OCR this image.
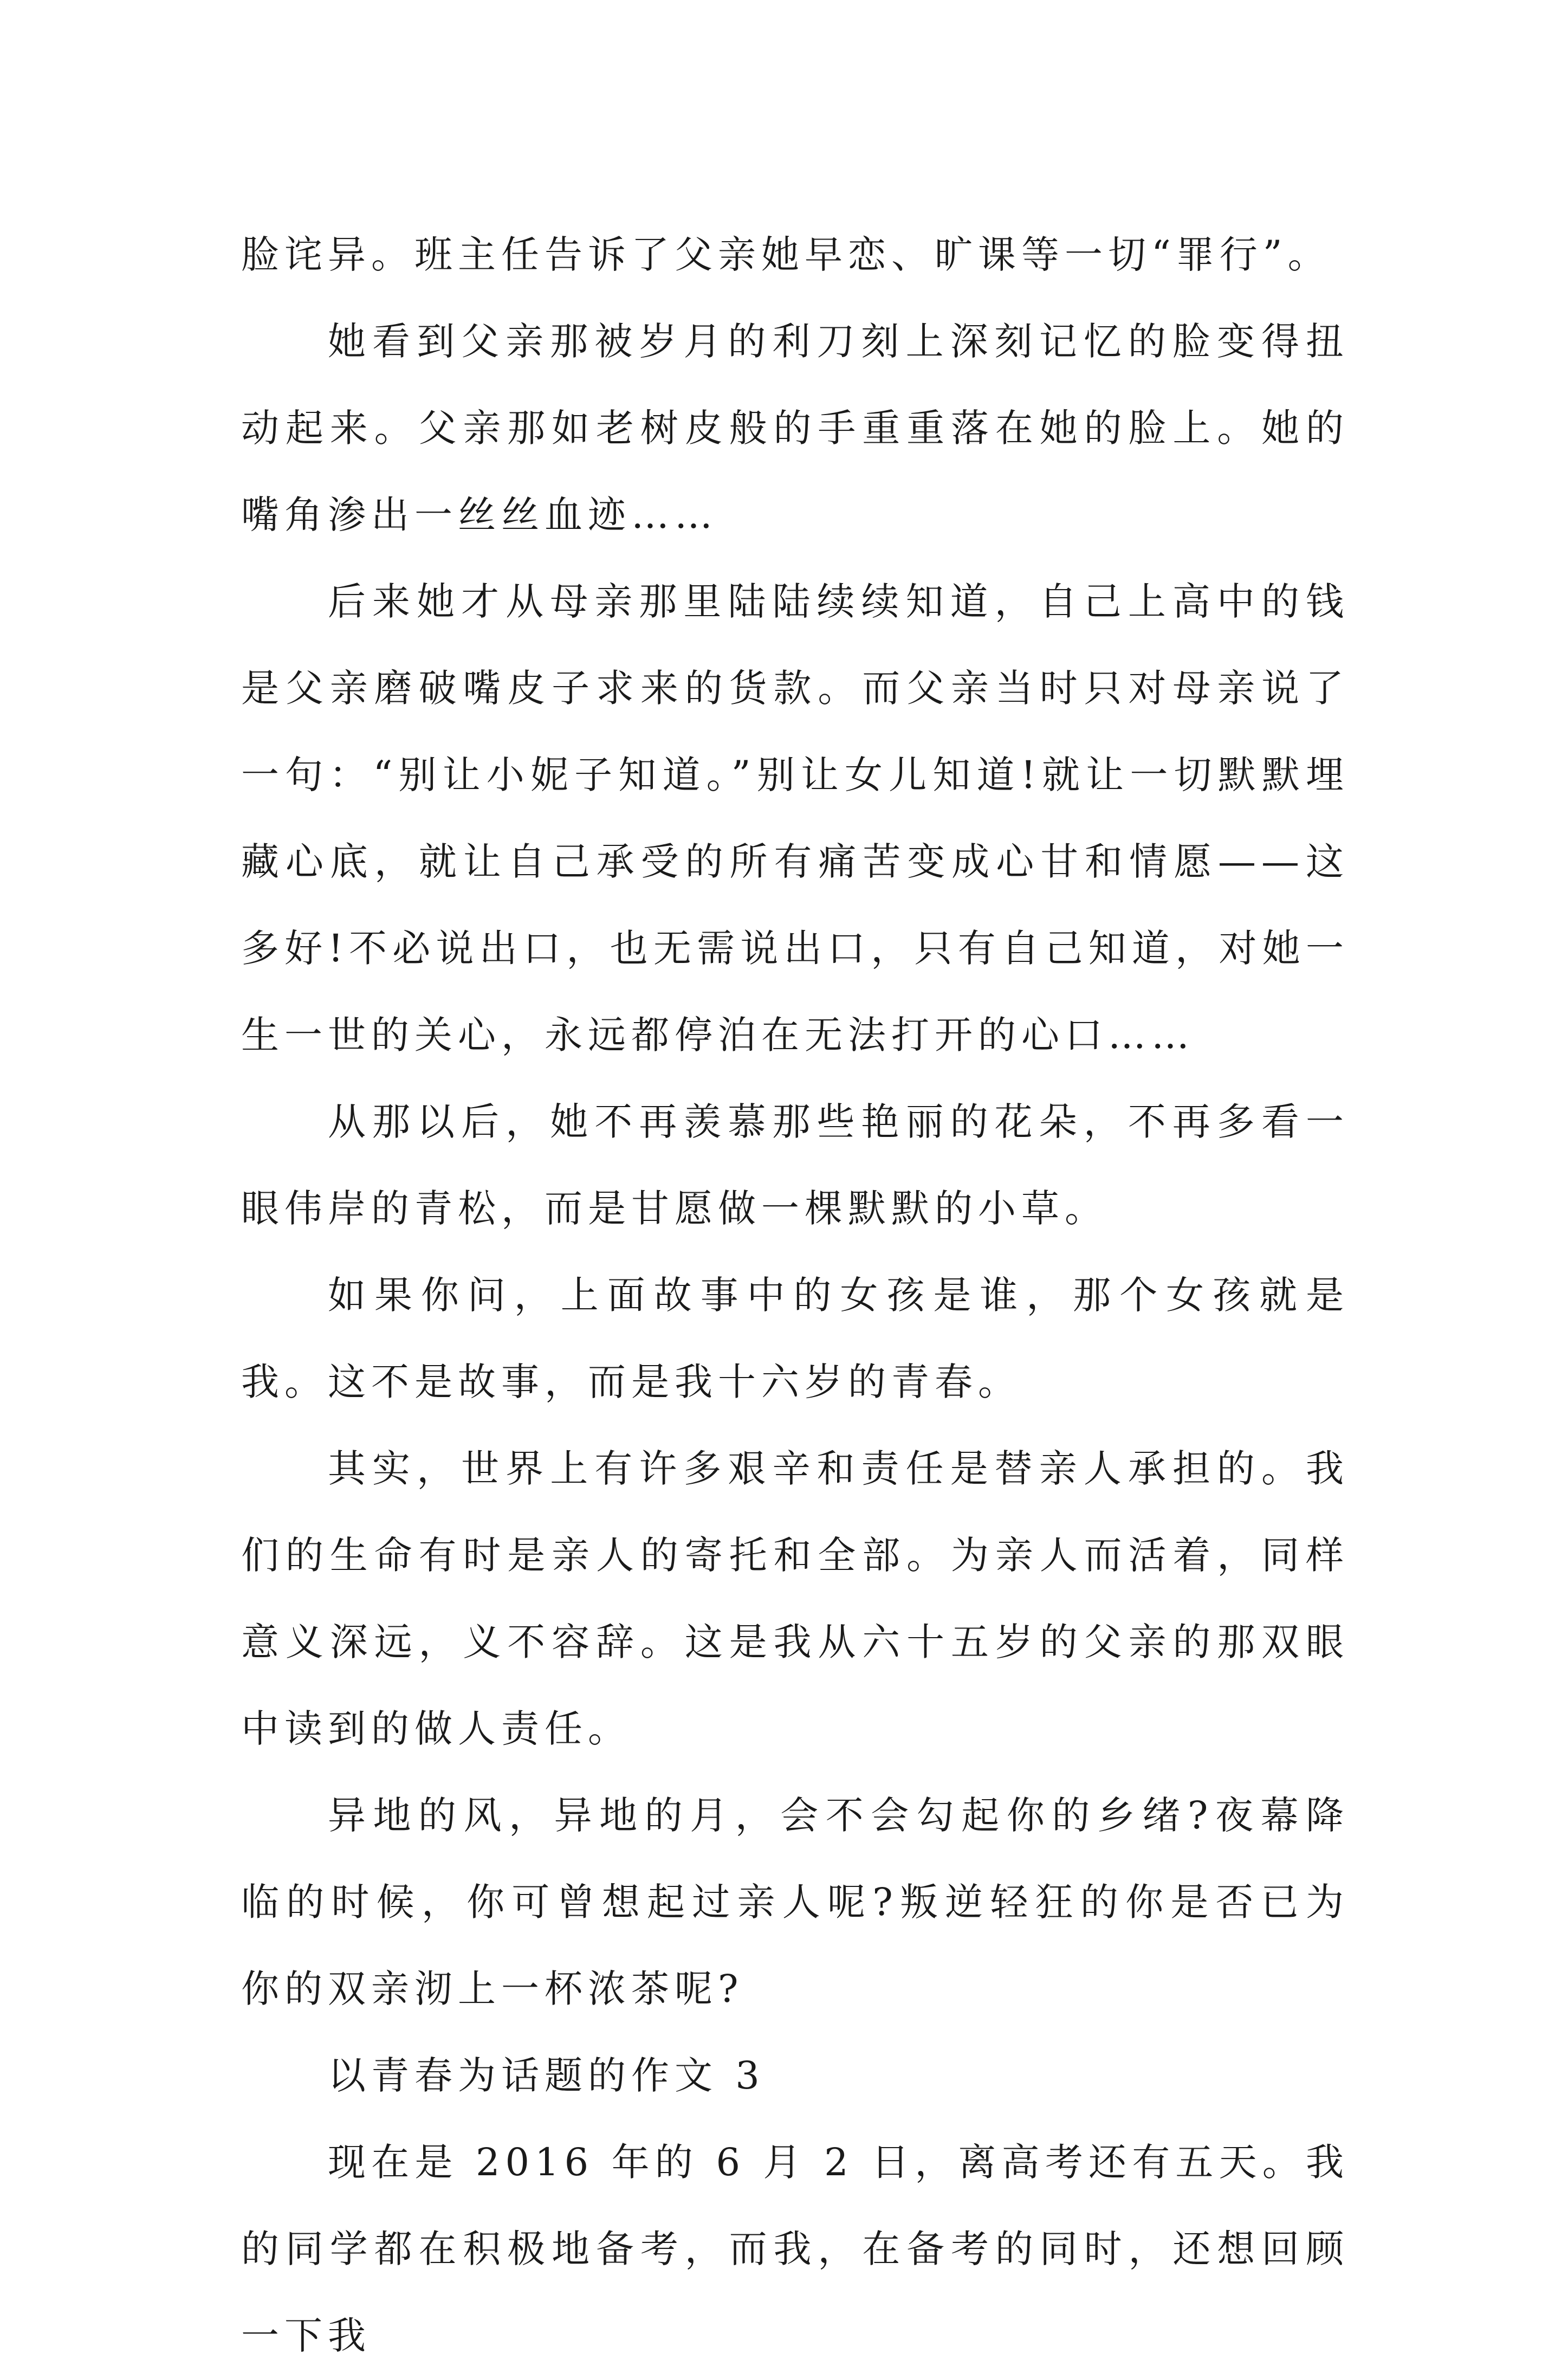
脸诧异。班主任告诉了父亲她早恋、旷课等一切“罪行”。

她看到父亲那被岁月的利刀刻上深刻记忆的脸变得扭动起来。父亲那如老树皮般的手重重落在她的脸上。她的嘴角渗出一丝丝血迹……

后来她才从母亲那里陆陆续续知道，自己上高中的钱是父亲磨破嘴皮子求来的货款。而父亲当时只对母亲说了一句：“别让小妮子知道。”别让女儿知道!就让一切默默埋藏心底，就让自己承受的所有痛苦变成心甘和情愿——这多好!不必说出口，也无需说出口，只有自己知道，对她一生一世的关心，永远都停泊在无法打开的心口……

从那以后，她不再羡慕那些艳丽的花朵，不再多看一眼伟岸的青松，而是甘愿做一棵默默的小草。

如果你问，上面故事中的女孩是谁，那个女孩就是我。这不是故事，而是我十六岁的青春。

其实，世界上有许多艰辛和责任是替亲人承担的。我们的生命有时是亲人的寄托和全部。为亲人而活着，同样意义深远，义不容辞。这是我从六十五岁的父亲的那双眼中读到的做人责任。

异地的风，异地的月，会不会勾起你的乡绪?夜幕降临的时候，你可曾想起过亲人呢?叛逆轻狂的你是否已为你的双亲沏上一杯浓茶呢?

以青春为话题的作文 3

现在是 2016 年的 6 月 2 日，离高考还有五天。我的同学都在积极地备考，而我，在备考的同时，还想回顾一下我
